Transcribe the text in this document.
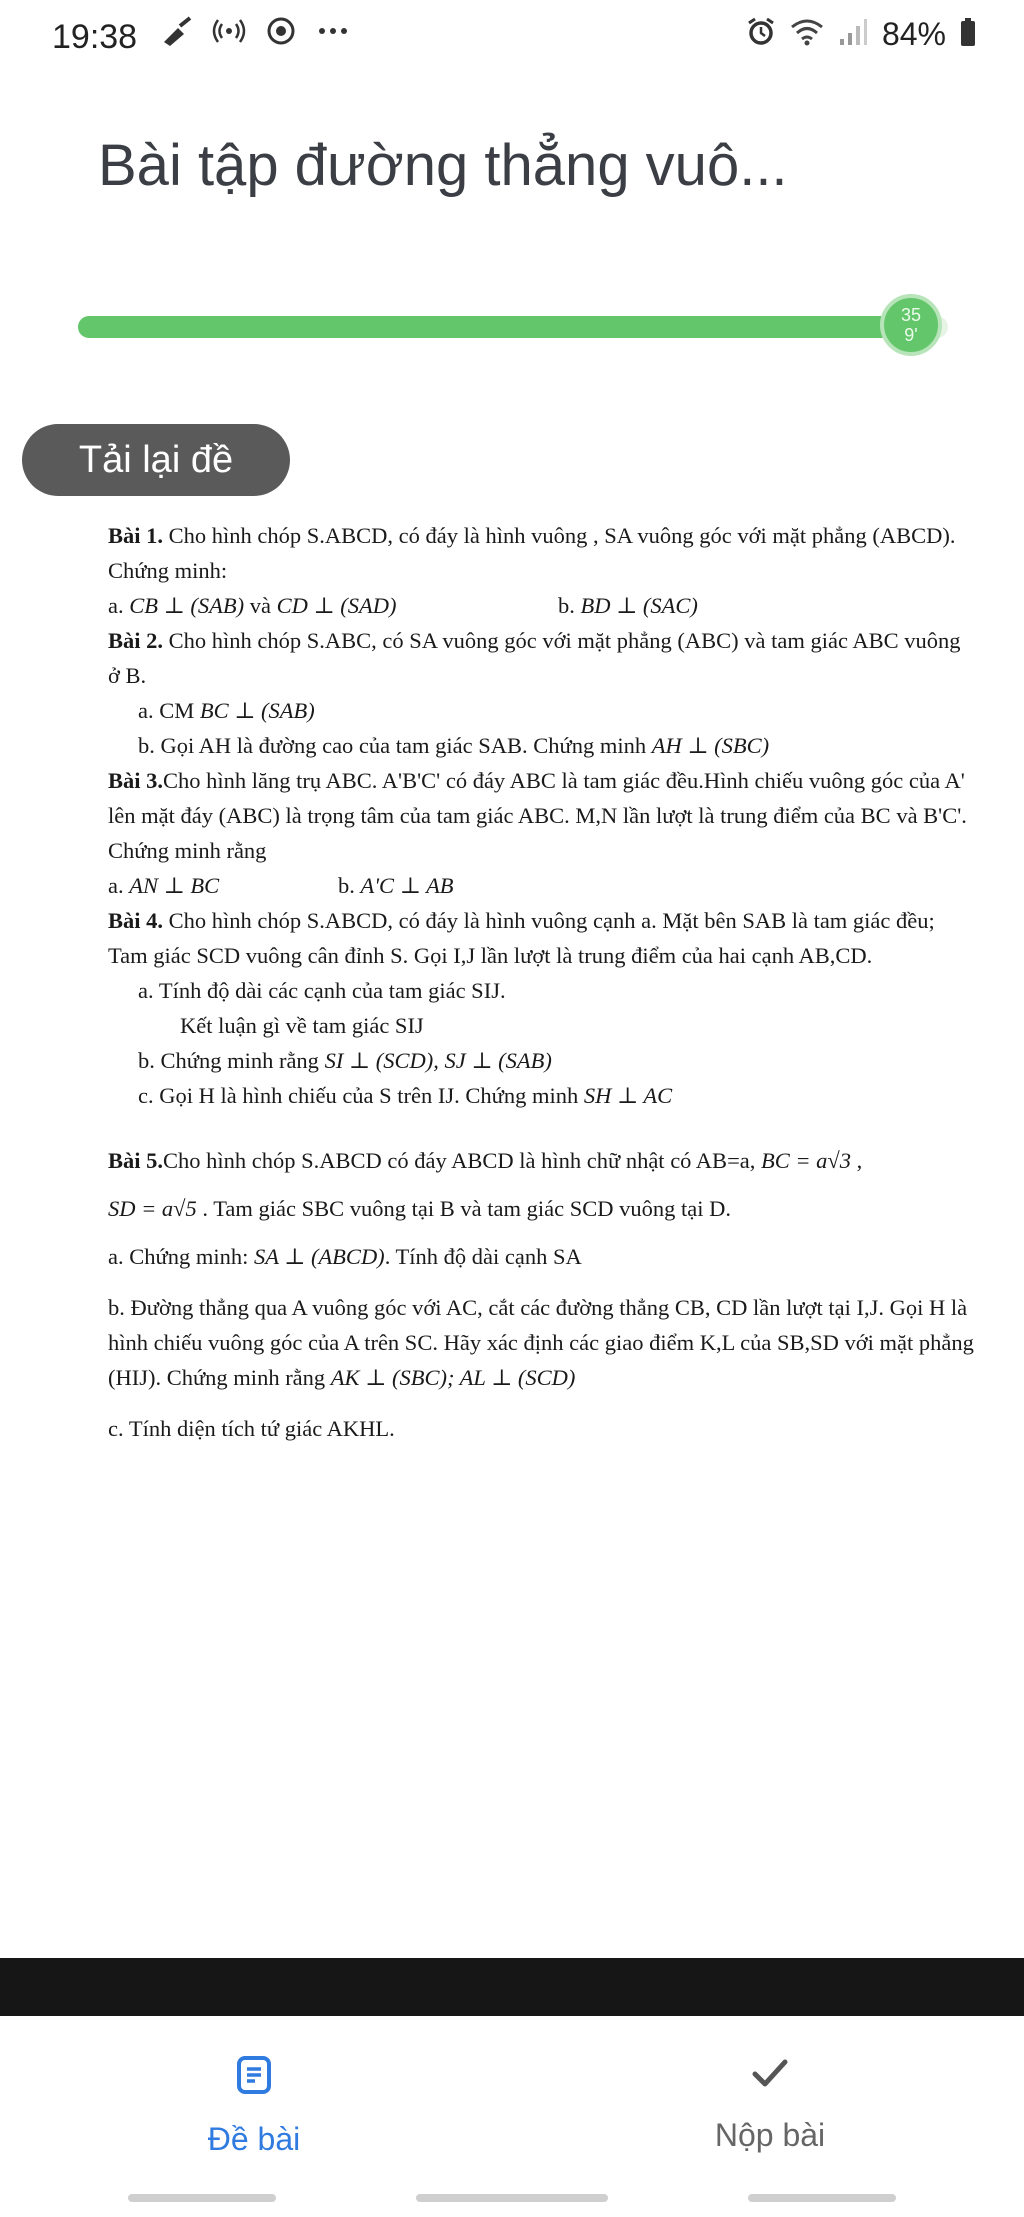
19:38	84%
Bài tập đường thẳng vuô...
35
9'
Tải lại đề

Bài 1. Cho hình chóp S.ABCD, có đáy là hình vuông , SA vuông góc với mặt phẳng (ABCD). Chứng minh:

a. CB ⊥ (SAB) và CD ⊥ (SAD)	b. BD ⊥ (SAC)

Bài 2. Cho hình chóp S.ABC, có SA vuông góc với mặt phẳng (ABC) và tam giác ABC vuông ở B.

a. CM BC ⊥ (SAB)

b. Gọi AH là đường cao của tam giác SAB. Chứng minh AH ⊥ (SBC)

Bài 3.Cho hình lăng trụ ABC. A'B'C' có đáy ABC là tam giác đều.Hình chiếu vuông góc của A' lên mặt đáy (ABC) là trọng tâm của tam giác ABC. M,N lần lượt là trung điểm của BC và B'C'. Chứng minh rằng

a. AN ⊥ BC	b. A'C ⊥ AB

Bài 4. Cho hình chóp S.ABCD, có đáy là hình vuông cạnh a. Mặt bên SAB là tam giác đều; Tam giác SCD vuông cân đỉnh S. Gọi I,J lần lượt là trung điểm của hai cạnh AB,CD.

a. Tính độ dài các cạnh của tam giác SIJ.

Kết luận gì về tam giác SIJ

b. Chứng minh rằng SI ⊥ (SCD), SJ ⊥ (SAB)

c. Gọi H là hình chiếu của S trên IJ. Chứng minh SH ⊥ AC

Bài 5.Cho hình chóp S.ABCD có đáy ABCD là hình chữ nhật có AB=a, BC = a√3 ,
SD = a√5 . Tam giác SBC vuông tại B và tam giác SCD vuông tại D.

a. Chứng minh: SA ⊥ (ABCD). Tính độ dài cạnh SA

b. Đường thẳng qua A vuông góc với AC, cắt các đường thẳng CB, CD lần lượt tại I,J. Gọi H là hình chiếu vuông góc của A trên SC. Hãy xác định các giao điểm K,L của SB,SD với mặt phẳng (HIJ). Chứng minh rằng AK ⊥ (SBC); AL ⊥ (SCD)

c. Tính diện tích tứ giác AKHL.

Đề bài	Nộp bài
